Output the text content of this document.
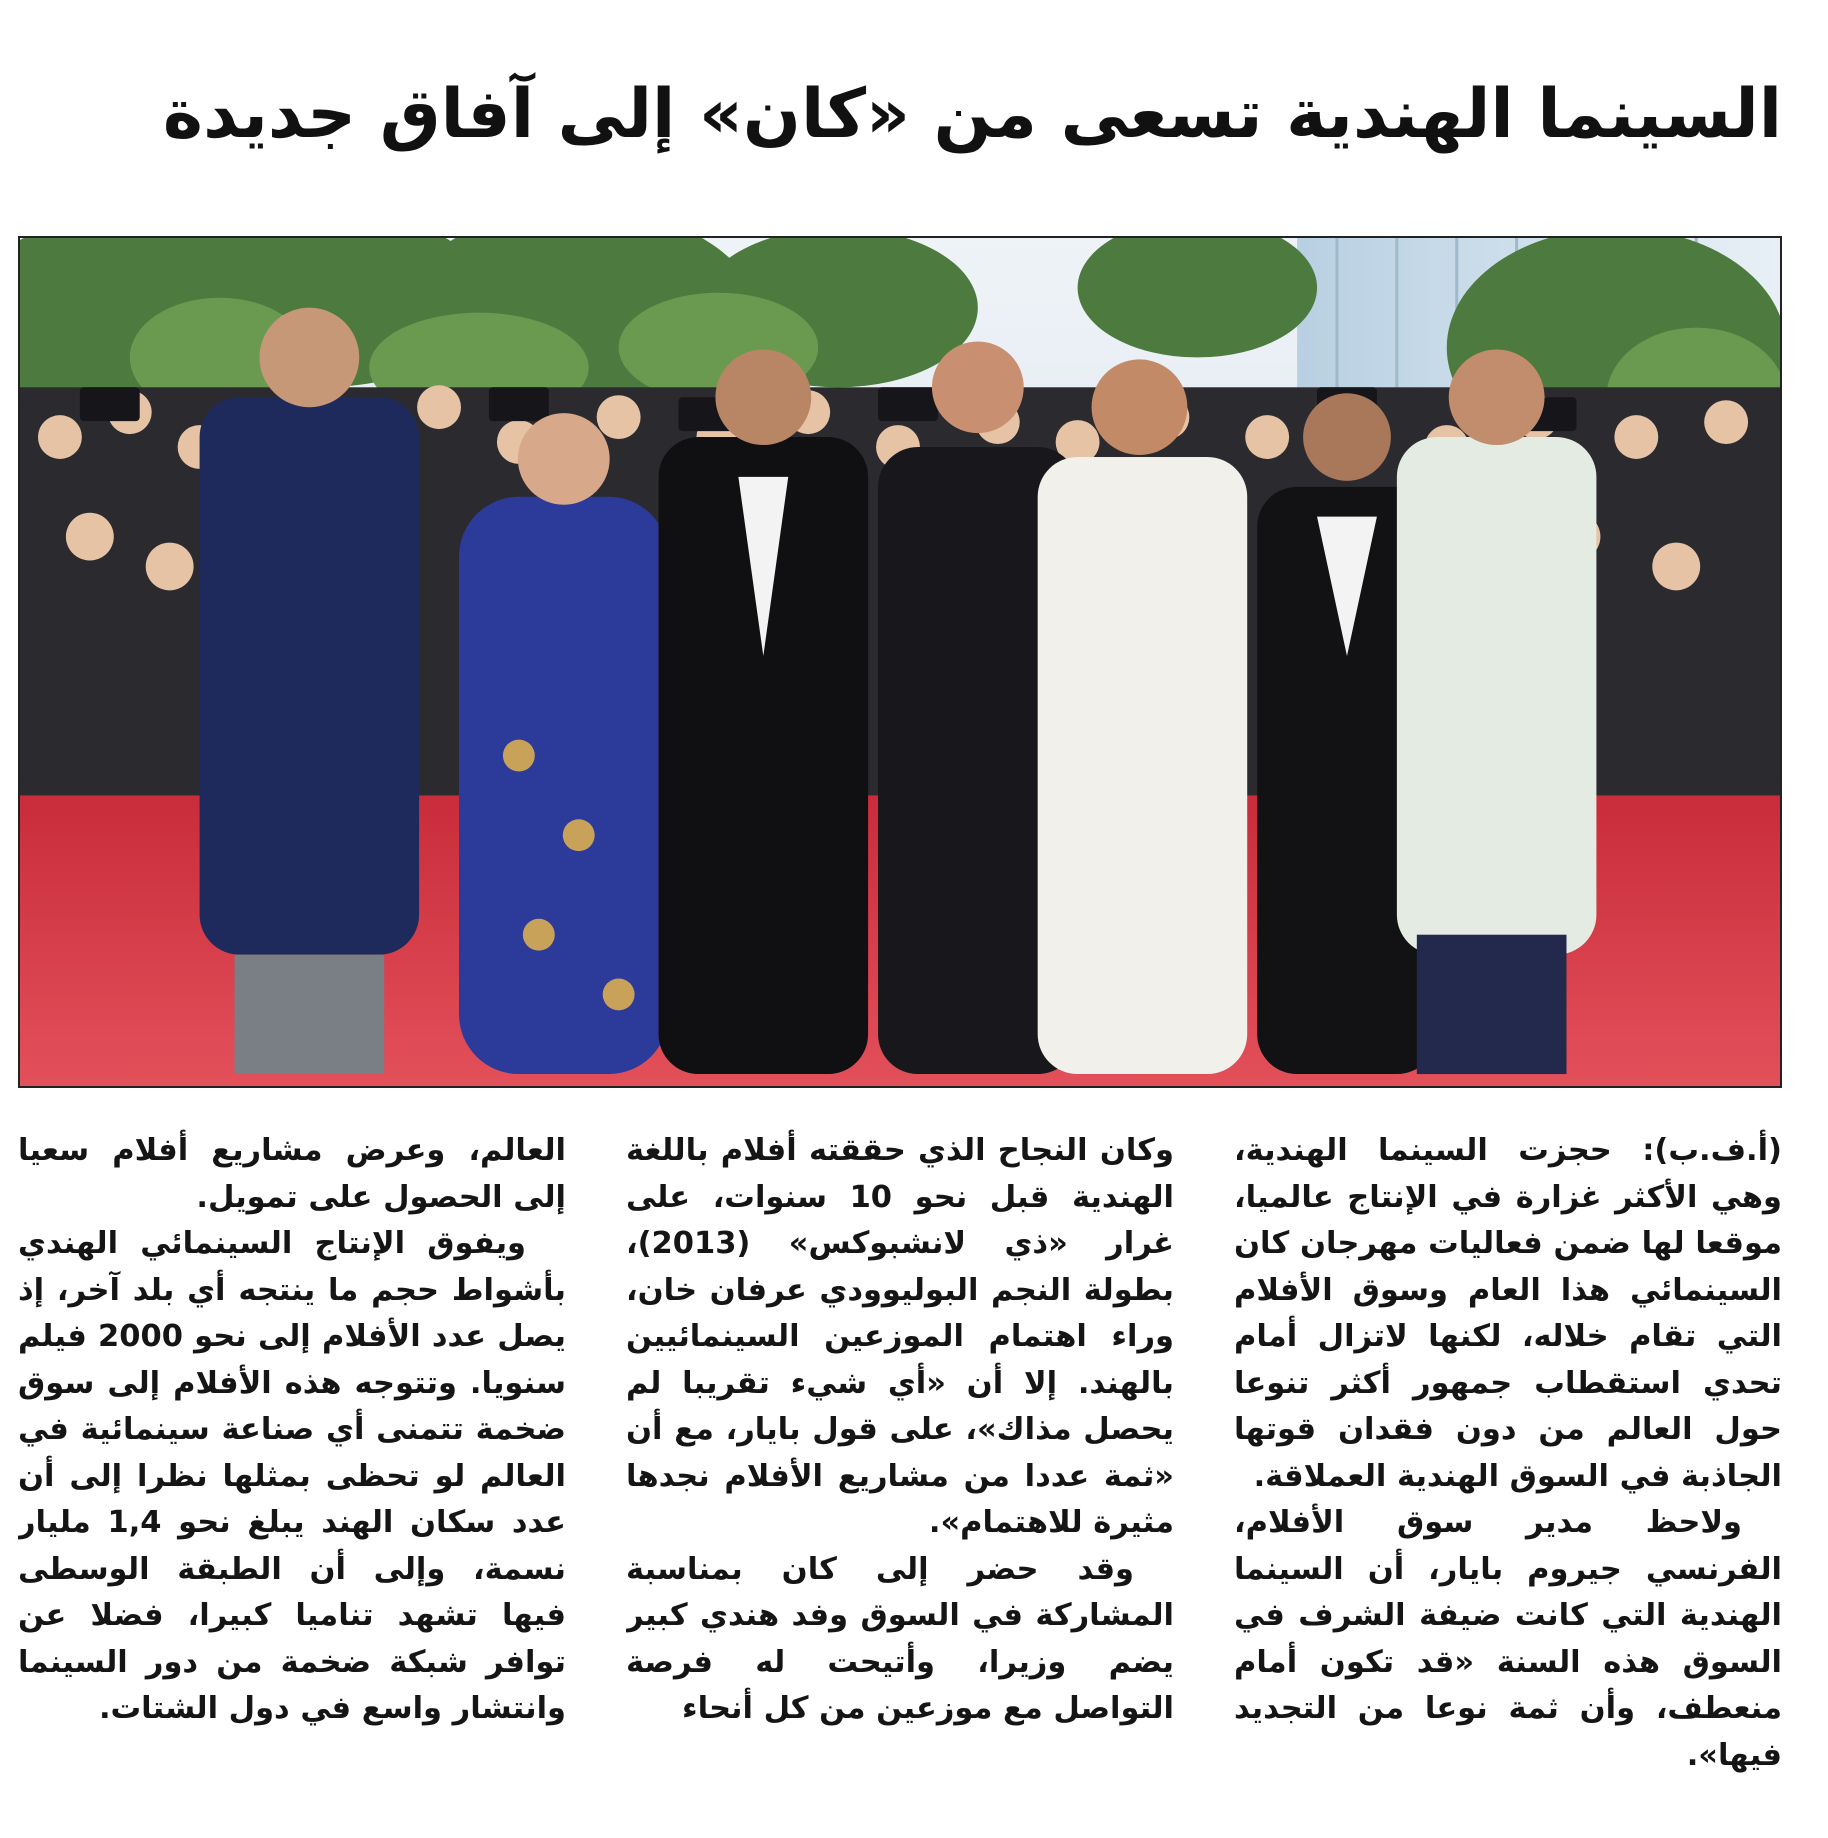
السينما الهندية تسعى من «كان» إلى آفاق جديدة

(أ.ف.ب): حجزت السينما الهندية، وهي الأكثر غزارة في الإنتاج عالميا، موقعا لها ضمن فعاليات مهرجان كان السينمائي هذا العام وسوق الأفلام التي تقام خلاله، لكنها لاتزال أمام تحدي استقطاب جمهور أكثر تنوعا حول العالم من دون فقدان قوتها الجاذبة في السوق الهندية العملاقة.

ولاحظ مدير سوق الأفلام، الفرنسي جيروم بايار، أن السينما الهندية التي كانت ضيفة الشرف في السوق هذه السنة «قد تكون أمام منعطف، وأن ثمة نوعا من التجديد فيها».

وكان النجاح الذي حققته أفلام باللغة الهندية قبل نحو 10 سنوات، على غرار «ذي لانشبوكس» (2013)، بطولة النجم البوليوودي عرفان خان، وراء اهتمام الموزعين السينمائيين بالهند. إلا أن «أي شيء تقريبا لم يحصل مذاك»، على قول بايار، مع أن «ثمة عددا من مشاريع الأفلام نجدها مثيرة للاهتمام».

وقد حضر إلى كان بمناسبة المشاركة في السوق وفد هندي كبير يضم وزيرا، وأتيحت له فرصة التواصل مع موزعين من كل أنحاء

العالم، وعرض مشاريع أفلام سعيا إلى الحصول على تمويل.

ويفوق الإنتاج السينمائي الهندي بأشواط حجم ما ينتجه أي بلد آخر، إذ يصل عدد الأفلام إلى نحو 2000 فيلم سنويا. وتتوجه هذه الأفلام إلى سوق ضخمة تتمنى أي صناعة سينمائية في العالم لو تحظى بمثلها نظرا إلى أن عدد سكان الهند يبلغ نحو 1,4 مليار نسمة، وإلى أن الطبقة الوسطى فيها تشهد تناميا كبيرا، فضلا عن توافر شبكة ضخمة من دور السينما وانتشار واسع في دول الشتات.
